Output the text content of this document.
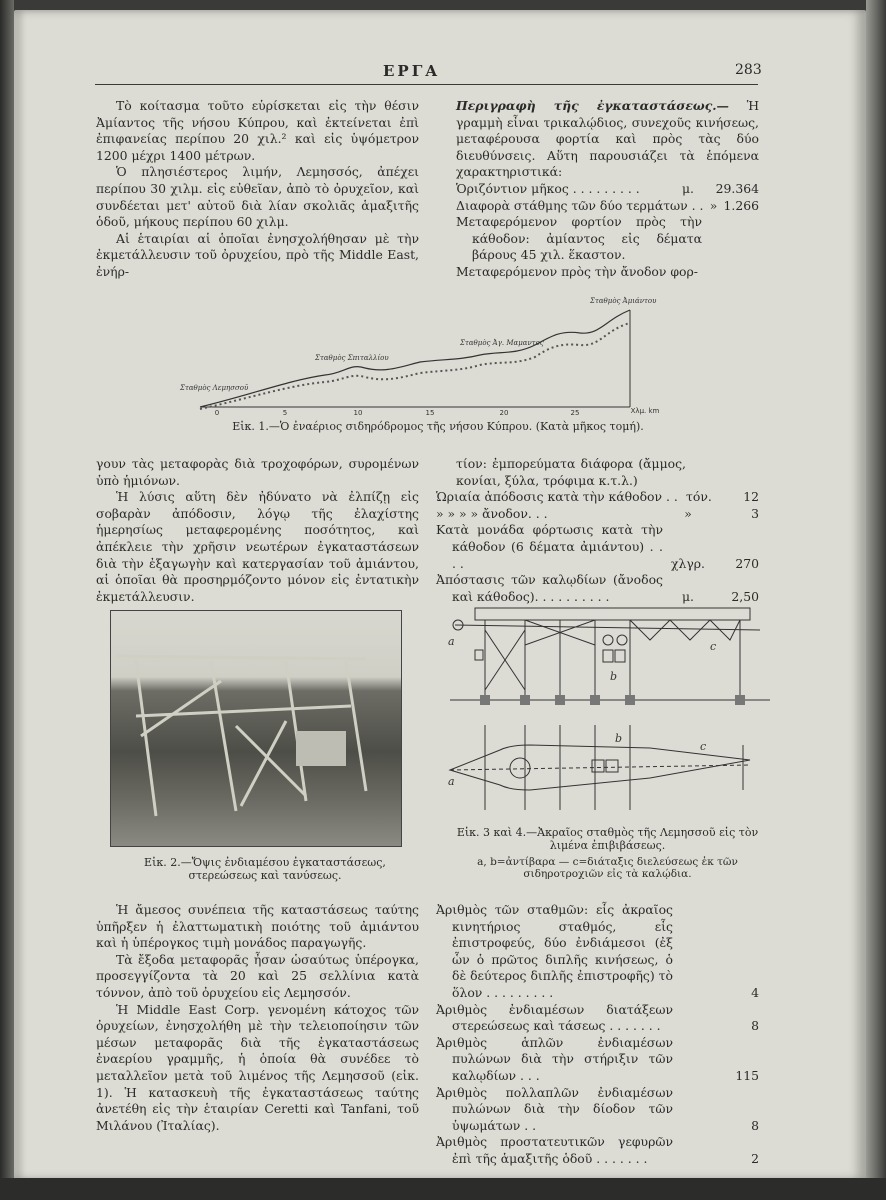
ΕΡΓΑ	283

Τὸ κοίτασμα τοῦτο εὑρίσκεται εἰς τὴν θέσιν Ἀμίαντος τῆς νήσου Κύπρου, καὶ ἐκτείνεται ἐπὶ ἐπιφανείας περίπου 20 χιλ.² καὶ εἰς ὑψόμετρον 1200 μέχρι 1400 μέτρων.

Ὁ πλησιέστερος λιμήν, Λεμησσός, ἀπέχει περίπου 30 χιλμ. εἰς εὐθεῖαν, ἀπὸ τὸ ὀρυχεῖον, καὶ συνδέεται μετ' αὐτοῦ διὰ λίαν σκολιᾶς ἁμαξιτῆς ὁδοῦ, μήκους περίπου 60 χιλμ.

Αἱ ἑταιρίαι αἱ ὁποῖαι ἐνησχολήθησαν μὲ τὴν ἐκμετάλλευσιν τοῦ ὀρυχείου, πρὸ τῆς Middle East, ἐνήρ-

Περιγραφὴ τῆς ἐγκαταστάσεως.— Ἡ γραμμὴ εἶναι τρικαλῴδιος, συνεχοῦς κινήσεως, μεταφέρουσα φορτία καὶ πρὸς τὰς δύο διευθύνσεις. Αὕτη παρουσιάζει τὰ ἑπόμενα χαρακτηριστικά:

Ὁριζόντιον μῆκος . . . . . . . . .	μ.	29.364
Διαφορὰ στάθμης τῶν δύο τερμάτων . . » 1.266

Μεταφερόμενον φορτίον πρὸς τὴν κάθοδον: ἀμίαντος εἰς δέματα βάρους 45 χιλ. ἕκαστον.

Μεταφερόμενον πρὸς τὴν ἄνοδον φορ-

0	5	10	15	20	25	Χλμ. km
Σταθμὸς Λεμησσοῦ
Σταθμὸς Σπιταλλίου
Σταθμὸς Ἀγ. Μαμαντος
Σταθμὸς Ἀμιάντου
Εἰκ. 1.—Ὁ ἐναέριος σιδηρόδρομος τῆς νήσου Κύπρου. (Κατὰ μῆκος τομή).

γουν τὰς μεταφορὰς διὰ τροχοφόρων, συρομένων ὑπὸ ἡμιόνων.

Ἡ λύσις αὕτη δὲν ἠδύνατο νὰ ἐλπίζῃ εἰς σοβαρὰν ἀπόδοσιν, λόγῳ τῆς ἐλαχίστης ἡμερησίως μεταφερομένης ποσότητος, καὶ ἀπέκλειε τὴν χρῆσιν νεωτέρων ἐγκαταστάσεων διὰ τὴν ἐξαγωγὴν καὶ κατεργασίαν τοῦ ἀμιάντου, αἱ ὁποῖαι θὰ προσηρμόζοντο μόνον εἰς ἐντατικὴν ἐκμετάλλευσιν.

τίον: ἐμπορεύματα διάφορα (ἄμμος, κονίαι, ξύλα, τρόφιμα κ.τ.λ.)

Ὡριαία ἀπόδοσις κατὰ τὴν κάθοδον . . τόν.	12
» » » » ἄνοδον. . .	»	3
Κατὰ μονάδα φόρτωσις κατὰ τὴν κάθοδον (6 δέματα ἀμιάντου) . . . .	χλγρ.	270
Ἀπόστασις τῶν καλῳδίων (ἄνοδος καὶ κάθοδος). . . . . . . . . .	μ.	2,50
Εἰκ. 2.—Ὄψις ἐνδιαμέσου ἐγκαταστάσεως, στερεώσεως καὶ τανύσεως.
a
b
c
a
b
c
Εἰκ. 3 καὶ 4.—Ἀκραῖος σταθμὸς τῆς Λεμησσοῦ εἰς τὸν λιμένα ἐπιβιβάσεως.
a, b=ἀντίβαρα — c=διάταξις διελεύσεως ἐκ τῶν σιδηροτροχιῶν εἰς τὰ καλῴδια.

Ἡ ἄμεσος συνέπεια τῆς καταστάσεως ταύτης ὑπῆρξεν ἡ ἐλαττωματικὴ ποιότης τοῦ ἀμιάντου καὶ ἡ ὑπέρογκος τιμὴ μονάδος παραγωγῆς.

Τὰ ἔξοδα μεταφορᾶς ἦσαν ὡσαύτως ὑπέρογκα, προσεγγίζοντα τὰ 20 καὶ 25 σελλίνια κατὰ τόννον, ἀπὸ τοῦ ὀρυχείου εἰς Λεμησσόν.

Ἡ Middle East Corp. γενομένη κάτοχος τῶν ὀρυχείων, ἐνησχολήθη μὲ τὴν τελειοποίησιν τῶν μέσων μεταφορᾶς διὰ τῆς ἐγκαταστάσεως ἐναερίου γραμμῆς, ἡ ὁποία θὰ συνέδεε τὸ μεταλλεῖον μετὰ τοῦ λιμένος τῆς Λεμησσοῦ (εἰκ. 1). Ἡ κατασκευὴ τῆς ἐγκαταστάσεως ταύτης ἀνετέθη εἰς τὴν ἑταιρίαν Ceretti καὶ Tanfani, τοῦ Μιλάνου (Ἰταλίας).

Ἀριθμὸς τῶν σταθμῶν: εἷς ἀκραῖος κινητήριος σταθμός, εἷς ἐπιστροφεύς, δύο ἐνδιάμεσοι (ἐξ ὧν ὁ πρῶτος διπλῆς κινήσεως, ὁ δὲ δεύτερος διπλῆς ἐπιστροφῆς) τὸ ὅλον . . . . . . . . .	4
Ἀριθμὸς ἐνδιαμέσων διατάξεων στερεώσεως καὶ τάσεως . . . . . . .	8
Ἀριθμὸς ἁπλῶν ἐνδιαμέσων πυλώνων διὰ τὴν στήριξιν τῶν καλῳδίων . . .	115
Ἀριθμὸς πολλαπλῶν ἐνδιαμέσων πυλώνων διὰ τὴν δίοδον τῶν ὑψωμάτων . .	8
Ἀριθμὸς προστατευτικῶν γεφυρῶν ἐπὶ τῆς ἁμαξιτῆς ὁδοῦ . . . . . . .	2
